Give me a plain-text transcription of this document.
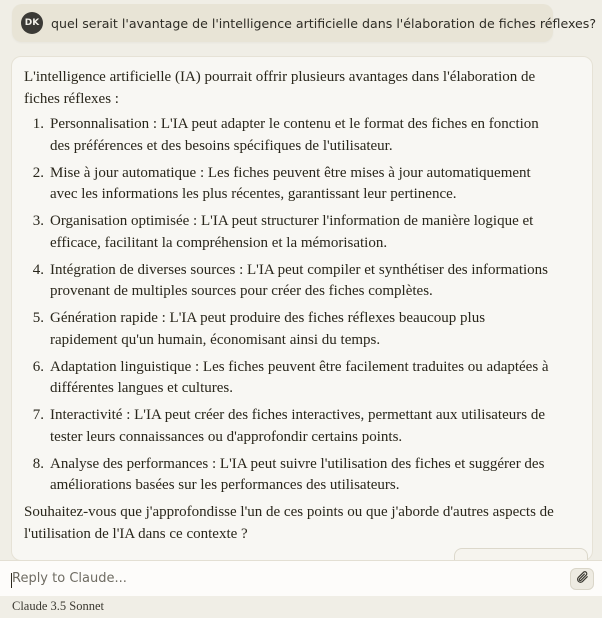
DK quel serait l'avantage de l'intelligence artificielle dans l'élaboration de fiches réflexes?

L'intelligence artificielle (IA) pourrait offrir plusieurs avantages dans l'élaboration de fiches réflexes :

1. Personnalisation : L'IA peut adapter le contenu et le format des fiches en fonction des préférences et des besoins spécifiques de l'utilisateur.
2. Mise à jour automatique : Les fiches peuvent être mises à jour automatiquement avec les informations les plus récentes, garantissant leur pertinence.
3. Organisation optimisée : L'IA peut structurer l'information de manière logique et efficace, facilitant la compréhension et la mémorisation.
4. Intégration de diverses sources : L'IA peut compiler et synthétiser des informations provenant de multiples sources pour créer des fiches complètes.
5. Génération rapide : L'IA peut produire des fiches réflexes beaucoup plus rapidement qu'un humain, économisant ainsi du temps.
6. Adaptation linguistique : Les fiches peuvent être facilement traduites ou adaptées à différentes langues et cultures.
7. Interactivité : L'IA peut créer des fiches interactives, permettant aux utilisateurs de tester leurs connaissances ou d'approfondir certains points.
8. Analyse des performances : L'IA peut suivre l'utilisation des fiches et suggérer des améliorations basées sur les performances des utilisateurs.

Souhaitez-vous que j'approfondisse l'un de ces points ou que j'aborde d'autres aspects de l'utilisation de l'IA dans ce contexte ?

Reply to Claude...
Claude 3.5 Sonnet
